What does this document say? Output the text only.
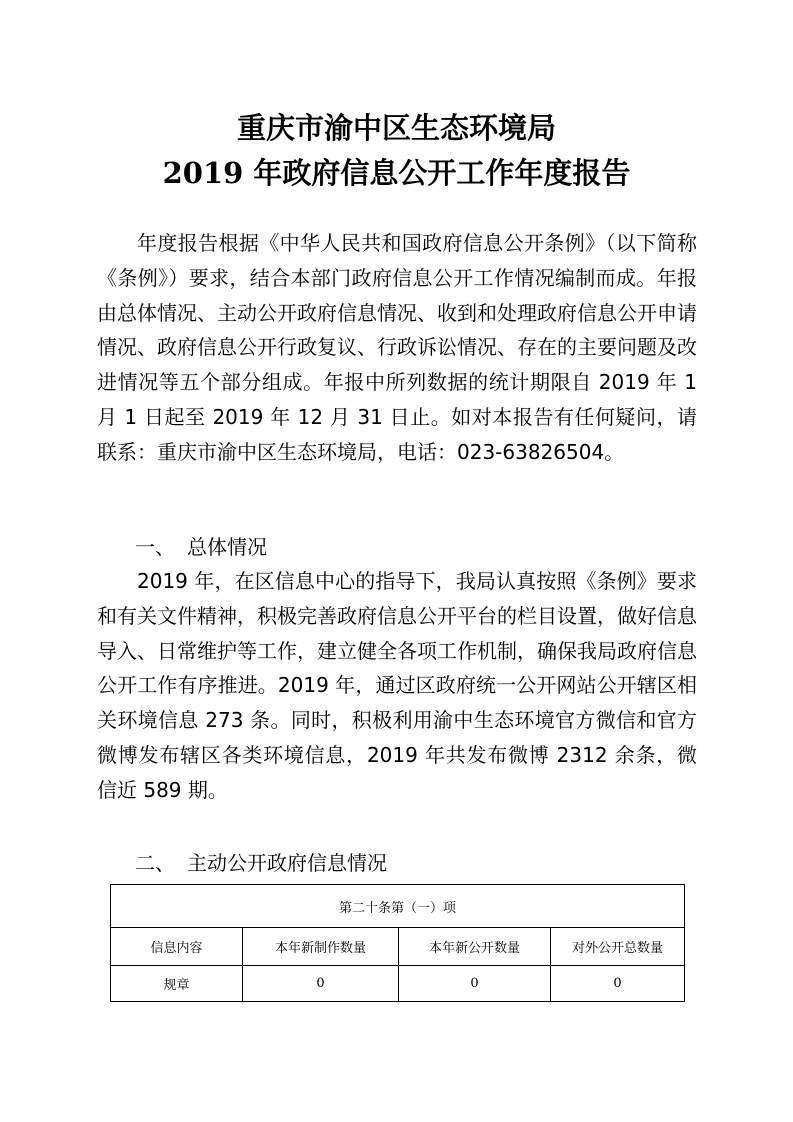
重庆市渝中区生态环境局
2019 年政府信息公开工作年度报告

年度报告根据《中华人民共和国政府信息公开条例》（以下简称《条例》）要求，结合本部门政府信息公开工作情况编制而成。年报由总体情况、主动公开政府信息情况、收到和处理政府信息公开申请情况、政府信息公开行政复议、行政诉讼情况、存在的主要问题及改进情况等五个部分组成。年报中所列数据的统计期限自 2019 年 1 月 1 日起至 2019 年 12 月 31 日止。如对本报告有任何疑问，请联系：重庆市渝中区生态环境局，电话：023-63826504。

一、 总体情况

2019 年，在区信息中心的指导下，我局认真按照《条例》要求和有关文件精神，积极完善政府信息公开平台的栏目设置，做好信息导入、日常维护等工作，建立健全各项工作机制，确保我局政府信息公开工作有序推进。2019 年，通过区政府统一公开网站公开辖区相关环境信息 273 条。同时，积极利用渝中生态环境官方微信和官方微博发布辖区各类环境信息，2019 年共发布微博 2312 余条，微信近 589 期。

二、 主动公开政府信息情况
第二十条第（一）项			
信息内容	本年新制作数量	本年新公开数量	对外公开总数量
规章	0	0	0
